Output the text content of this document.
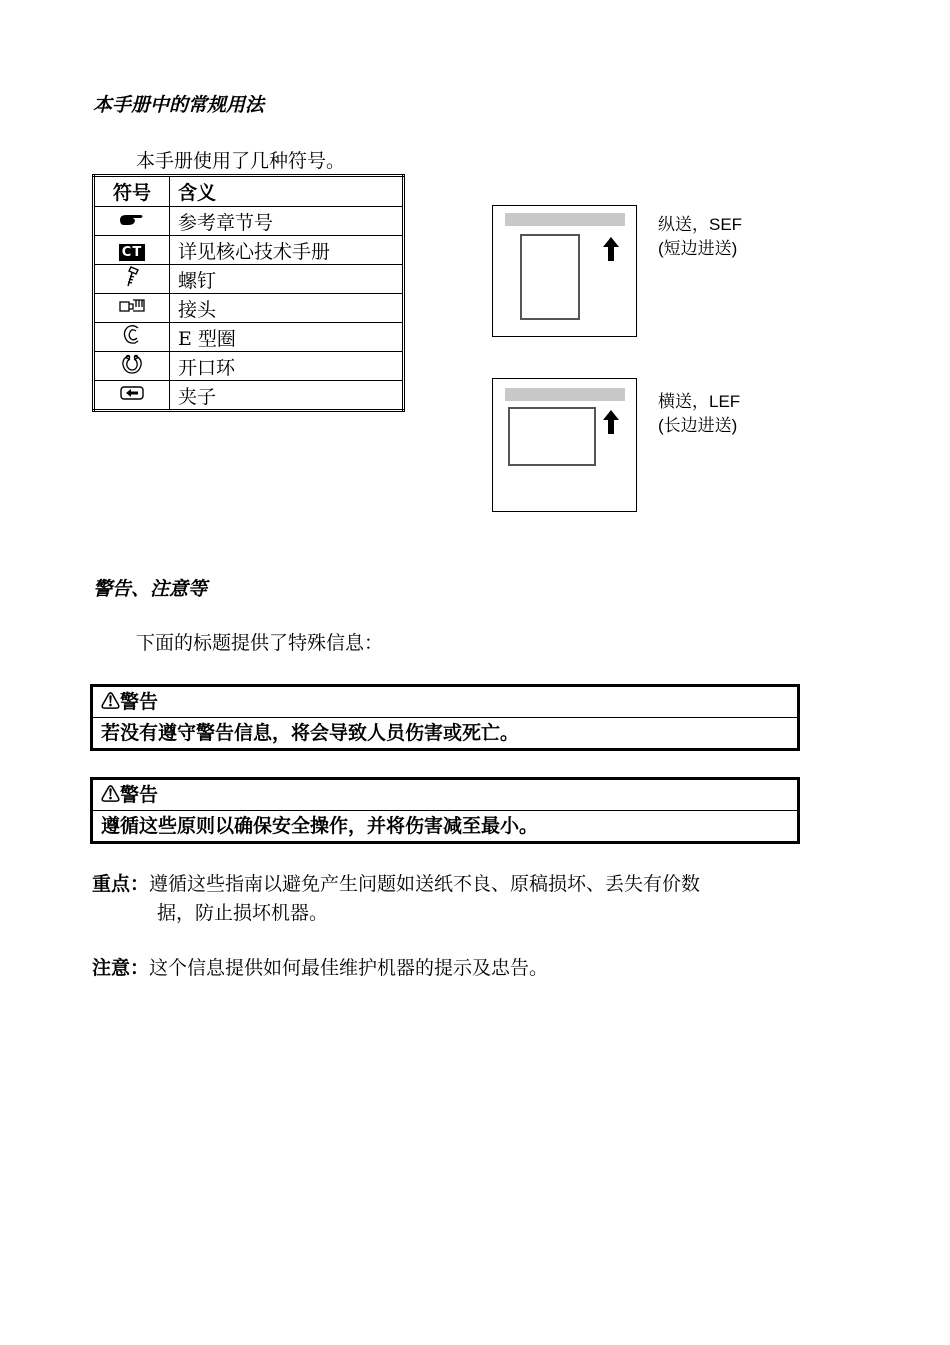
本手册中的常规用法
本手册使用了几种符号。
符号	含义
	参考章节号
CT	详见核心技术手册
	螺钉
	接头
	E 型圈
	开口环
	夹子
纵送，SEF
(短边进送)
横送，LEF
(长边进送)
警告、注意等
下面的标题提供了特殊信息：
⚠警告
若没有遵守警告信息，将会导致人员伤害或死亡。
⚠警告
遵循这些原则以确保安全操作，并将伤害减至最小。
重点：遵循这些指南以避免产生问题如送纸不良、原稿损坏、丢失有价数
据，防止损坏机器。
注意：这个信息提供如何最佳维护机器的提示及忠告。
